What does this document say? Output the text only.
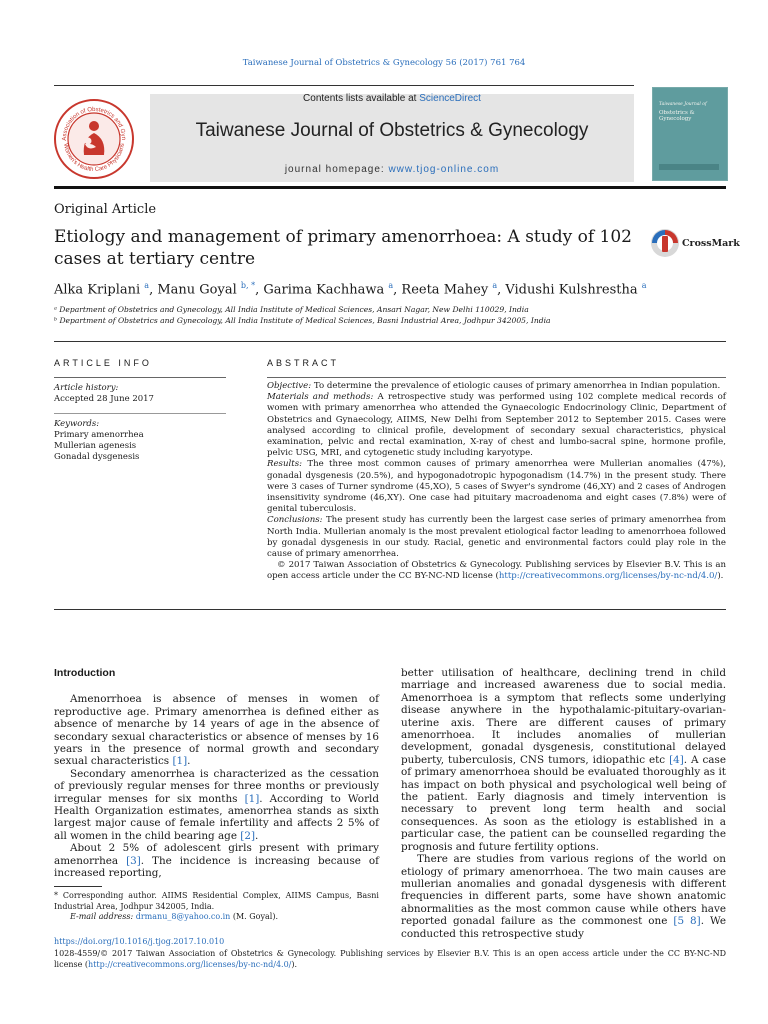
Taiwanese Journal of Obstetrics & Gynecology 56 (2017) 761 764
Association of Obstetrics and Gyn
Women's Health Care Physicians
Contents lists available at ScienceDirect
Taiwanese Journal of Obstetrics & Gynecology
journal homepage: www.tjog-online.com
Taiwanese Journal of
Obstetrics & Gynecology
Original Article
Etiology and management of primary amenorrhoea: A study of 102 cases at tertiary centre
CrossMark
Alka Kriplani $^a$, Manu Goyal $^{b, *}$, Garima Kachhawa $^a$, Reeta Mahey $^a$, Vidushi Kulshrestha $^a$
ᵃ Department of Obstetrics and Gynecology, All India Institute of Medical Sciences, Ansari Nagar, New Delhi 110029, India
ᵇ Department of Obstetrics and Gynecology, All India Institute of Medical Sciences, Basni Industrial Area, Jodhpur 342005, India
ARTICLE INFO	ABSTRACT
Article history:
Accepted 28 June 2017
Keywords:
Primary amenorrhea
Mullerian agenesis
Gonadal dysgenesis

Objective: To determine the prevalence of etiologic causes of primary amenorrhea in Indian population.

Materials and methods: A retrospective study was performed using 102 complete medical records of women with primary amenorrhea who attended the Gynaecologic Endocrinology Clinic, Department of Obstetrics and Gynaecology, AIIMS, New Delhi from September 2012 to September 2015. Cases were analysed according to clinical profile, development of secondary sexual characteristics, physical examination, pelvic and rectal examination, X-ray of chest and lumbo-sacral spine, hormone profile, pelvic USG, MRI, and cytogenetic study including karyotype.

Results: The three most common causes of primary amenorrhea were Mullerian anomalies (47%), gonadal dysgenesis (20.5%), and hypogonadotropic hypogonadism (14.7%) in the present study. There were 3 cases of Turner syndrome (45,XO), 5 cases of Swyer's syndrome (46,XY) and 2 cases of Androgen insensitivity syndrome (46,XY). One case had pituitary macroadenoma and eight cases (7.8%) were of genital tuberculosis.

Conclusions: The present study has currently been the largest case series of primary amenorrhea from North India. Mullerian anomaly is the most prevalent etiological factor leading to amenorrhoea followed by gonadal dysgenesis in our study. Racial, genetic and environmental factors could play role in the cause of primary amenorrhea.

© 2017 Taiwan Association of Obstetrics & Gynecology. Publishing services by Elsevier B.V. This is an open access article under the CC BY-NC-ND license (http://creativecommons.org/licenses/by-nc-nd/4.0/).

Introduction

Amenorrhoea is absence of menses in women of reproductive age. Primary amenorrhea is defined either as absence of menarche by 14 years of age in the absence of secondary sexual characteristics or absence of menses by 16 years in the presence of normal growth and secondary sexual characteristics [1].

Secondary amenorrhea is characterized as the cessation of previously regular menses for three months or previously irregular menses for six months [1]. According to World Health Organization estimates, amenorrhea stands as sixth largest major cause of female infertility and affects 2 5% of all women in the child bearing age [2].

About 2 5% of adolescent girls present with primary amenorrhea [3]. The incidence is increasing because of increased reporting,

better utilisation of healthcare, declining trend in child marriage and increased awareness due to social media. Amenorrhoea is a symptom that reflects some underlying disease anywhere in the hypothalamic-pituitary-ovarian-uterine axis. There are different causes of primary amenorrhoea. It includes anomalies of mullerian development, gonadal dysgenesis, constitutional delayed puberty, tuberculosis, CNS tumors, idiopathic etc [4]. A case of primary amenorrhoea should be evaluated thoroughly as it has impact on both physical and psychological well being of the patient. Early diagnosis and timely intervention is necessary to prevent long term health and social consequences. As soon as the etiology is established in a particular case, the patient can be counselled regarding the prognosis and future fertility options.

There are studies from various regions of the world on etiology of primary amenorrhoea. The two main causes are mullerian anomalies and gonadal dysgenesis with different frequencies in different parts, some have shown anatomic abnormalities as the most common cause while others have reported gonadal failure as the commonest one [5 8]. We conducted this retrospective study

* Corresponding author. AIIMS Residential Complex, AIIMS Campus, Basni Industrial Area, Jodhpur 342005, India.

E-mail address: drmanu_8@yahoo.co.in (M. Goyal).

https://doi.org/10.1016/j.tjog.2017.10.010
1028-4559/© 2017 Taiwan Association of Obstetrics & Gynecology. Publishing services by Elsevier B.V. This is an open access article under the CC BY-NC-ND license (http://creativecommons.org/licenses/by-nc-nd/4.0/).
